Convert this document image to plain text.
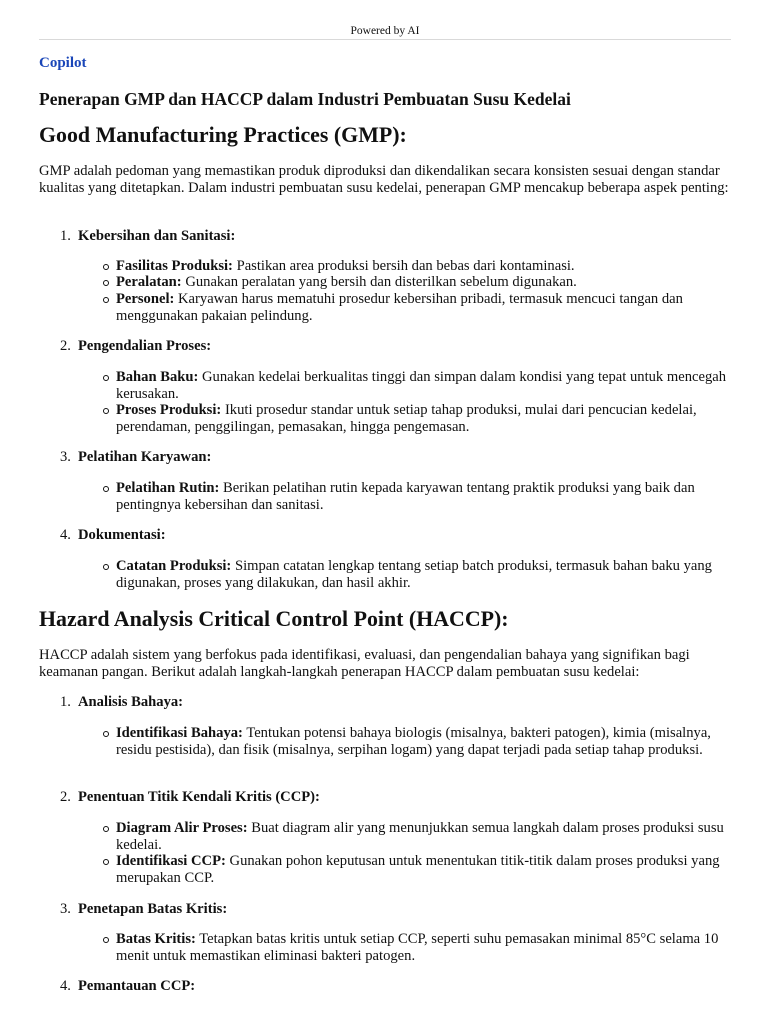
Powered by AI
Copilot
Penerapan GMP dan HACCP dalam Industri Pembuatan Susu Kedelai
Good Manufacturing Practices (GMP):

GMP adalah pedoman yang memastikan produk diproduksi dan dikendalikan secara konsisten sesuai dengan standar kualitas yang ditetapkan. Dalam industri pembuatan susu kedelai, penerapan GMP mencakup beberapa aspek penting:

1. Kebersihan dan Sanitasi:

Fasilitas Produksi: Pastikan area produksi bersih dan bebas dari kontaminasi.

Peralatan: Gunakan peralatan yang bersih dan disterilkan sebelum digunakan.

Personel: Karyawan harus mematuhi prosedur kebersihan pribadi, termasuk mencuci tangan dan menggunakan pakaian pelindung.

2. Pengendalian Proses:

Bahan Baku: Gunakan kedelai berkualitas tinggi dan simpan dalam kondisi yang tepat untuk mencegah kerusakan.

Proses Produksi: Ikuti prosedur standar untuk setiap tahap produksi, mulai dari pencucian kedelai, perendaman, penggilingan, pemasakan, hingga pengemasan.

3. Pelatihan Karyawan:

Pelatihan Rutin: Berikan pelatihan rutin kepada karyawan tentang praktik produksi yang baik dan pentingnya kebersihan dan sanitasi.

4. Dokumentasi:

Catatan Produksi: Simpan catatan lengkap tentang setiap batch produksi, termasuk bahan baku yang digunakan, proses yang dilakukan, dan hasil akhir.

Hazard Analysis Critical Control Point (HACCP):

HACCP adalah sistem yang berfokus pada identifikasi, evaluasi, dan pengendalian bahaya yang signifikan bagi keamanan pangan. Berikut adalah langkah-langkah penerapan HACCP dalam pembuatan susu kedelai:

1. Analisis Bahaya:

Identifikasi Bahaya: Tentukan potensi bahaya biologis (misalnya, bakteri patogen), kimia (misalnya, residu pestisida), dan fisik (misalnya, serpihan logam) yang dapat terjadi pada setiap tahap produksi.

2. Penentuan Titik Kendali Kritis (CCP):

Diagram Alir Proses: Buat diagram alir yang menunjukkan semua langkah dalam proses produksi susu kedelai.

Identifikasi CCP: Gunakan pohon keputusan untuk menentukan titik-titik dalam proses produksi yang merupakan CCP.

3. Penetapan Batas Kritis:

Batas Kritis: Tetapkan batas kritis untuk setiap CCP, seperti suhu pemasakan minimal 85°C selama 10 menit untuk memastikan eliminasi bakteri patogen.

4. Pemantauan CCP:
